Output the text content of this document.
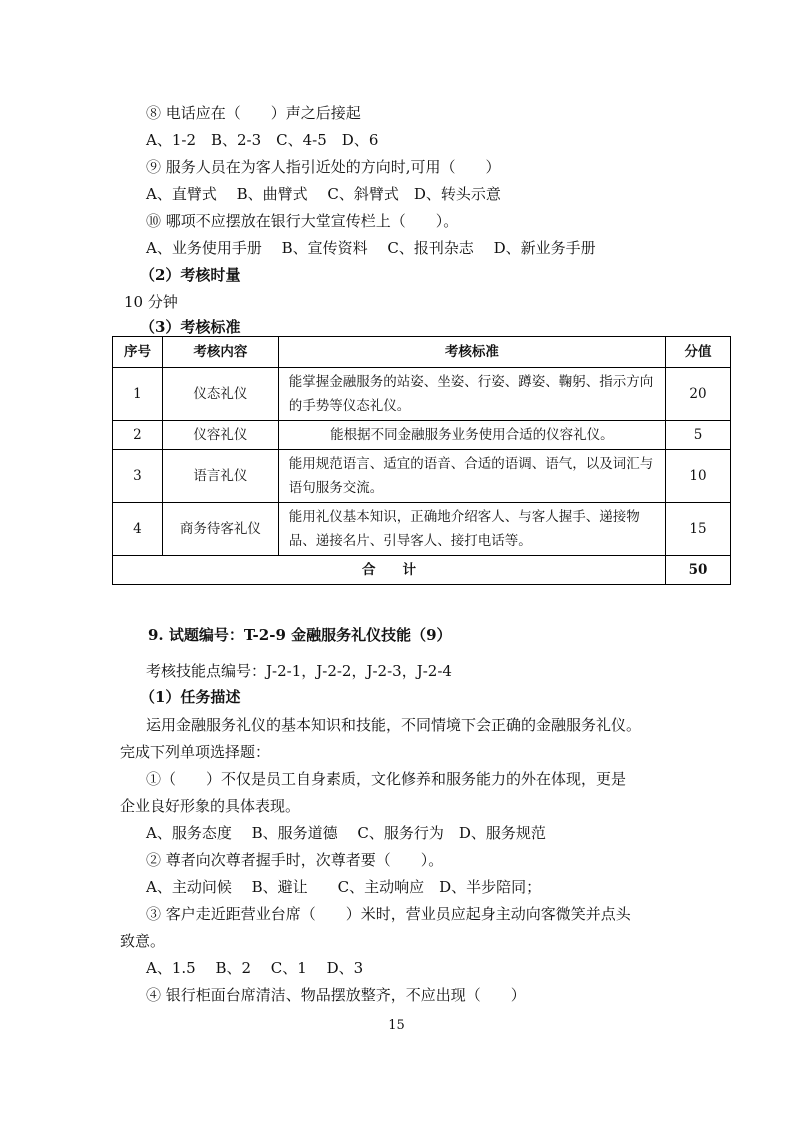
⑧ 电话应在（　　）声之后接起
A、1-2　B、2-3　C、4-5　D、6
⑨ 服务人员在为客人指引近处的方向时,可用（　　）
A、直臂式　 B、曲臂式　 C、斜臂式　D、转头示意
⑩ 哪项不应摆放在银行大堂宣传栏上（　　）。
A、业务使用手册　 B、宣传资料　 C、报刊杂志　 D、新业务手册
（2）考核时量
10 分钟
（3）考核标准
序号	考核内容	考核标准	分值
1	仪态礼仪	能掌握金融服务的站姿、坐姿、行姿、蹲姿、鞠躬、指示方向的手势等仪态礼仪。	20
2	仪容礼仪	能根据不同金融服务业务使用合适的仪容礼仪。	5
3	语言礼仪	能用规范语言、适宜的语音、合适的语调、语气，以及词汇与语句服务交流。	10
4	商务待客礼仪	能用礼仪基本知识，正确地介绍客人、与客人握手、递接物品、递接名片、引导客人、接打电话等。	15
合　　计			50
9. 试题编号：T-2-9 金融服务礼仪技能（9）
考核技能点编号：J-2-1，J-2-2，J-2-3，J-2-4
（1）任务描述
运用金融服务礼仪的基本知识和技能，不同情境下会正确的金融服务礼仪。
完成下列单项选择题：
①（　　）不仅是员工自身素质，文化修养和服务能力的外在体现，更是
企业良好形象的具体表现。
A、服务态度　 B、服务道德　 C、服务行为　D、服务规范
② 尊者向次尊者握手时，次尊者要（　　）。
A、主动问候　 B、避让　　C、主动响应　D、半步陪同；
③ 客户走近距营业台席（　　）米时，营业员应起身主动向客微笑并点头
致意。
A、1.5　 B、2　 C、1　 D、3
④ 银行柜面台席清洁、物品摆放整齐，不应出现（　　）
15
